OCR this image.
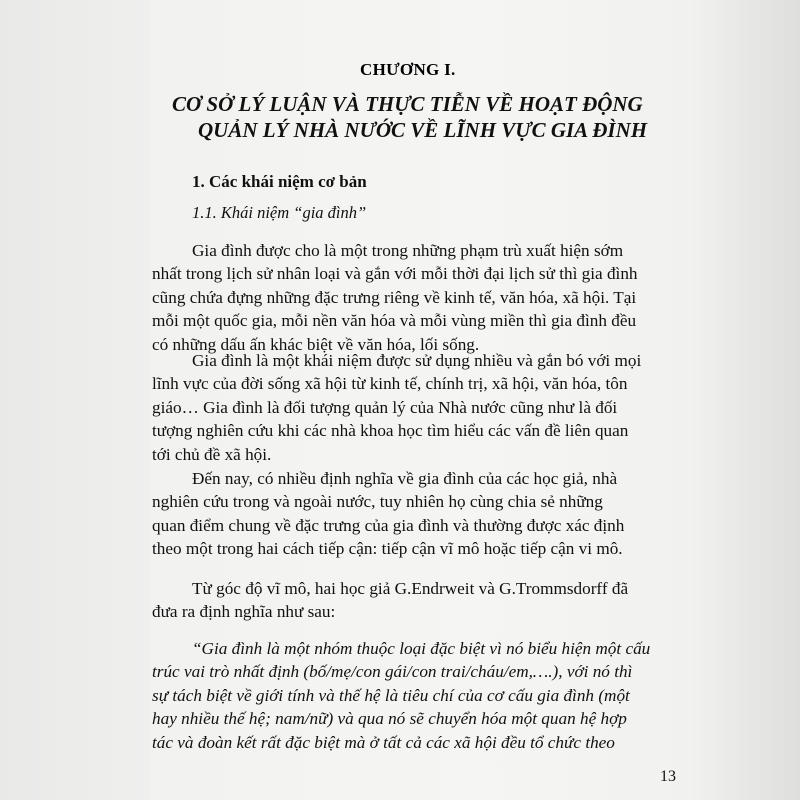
CHƯƠNG I.
CƠ SỞ LÝ LUẬN VÀ THỰC TIỄN VỀ HOẠT ĐỘNG
QUẢN LÝ NHÀ NƯỚC VỀ LĨNH VỰC GIA ĐÌNH
1. Các khái niệm cơ bản
1.1. Khái niệm “gia đình”
Gia đình được cho là một trong những phạm trù xuất hiện sớm
nhất trong lịch sử nhân loại và gắn với mỗi thời đại lịch sử thì gia đình
cũng chứa đựng những đặc trưng riêng về kinh tế, văn hóa, xã hội. Tại
mỗi một quốc gia, mỗi nền văn hóa và mỗi vùng miền thì gia đình đều
có những dấu ấn khác biệt về văn hóa, lối sống.
Gia đình là một khái niệm được sử dụng nhiều và gắn bó với mọi
lĩnh vực của đời sống xã hội từ kinh tế, chính trị, xã hội, văn hóa, tôn
giáo… Gia đình là đối tượng quản lý của Nhà nước cũng như là đối
tượng nghiên cứu khi các nhà khoa học tìm hiểu các vấn đề liên quan
tới chủ đề xã hội.
Đến nay, có nhiều định nghĩa về gia đình của các học giả, nhà
nghiên cứu trong và ngoài nước, tuy nhiên họ cùng chia sẻ những
quan điểm chung về đặc trưng của gia đình và thường được xác định
theo một trong hai cách tiếp cận: tiếp cận vĩ mô hoặc tiếp cận vi mô.
Từ góc độ vĩ mô, hai học giả G.Endrweit và G.Trommsdorff đã
đưa ra định nghĩa như sau:
“Gia đình là một nhóm thuộc loại đặc biệt vì nó biểu hiện một cấu
trúc vai trò nhất định (bố/mẹ/con gái/con trai/cháu/em,….), với nó thì
sự tách biệt về giới tính và thế hệ là tiêu chí của cơ cấu gia đình (một
hay nhiều thế hệ; nam/nữ) và qua nó sẽ chuyển hóa một quan hệ hợp
tác và đoàn kết rất đặc biệt mà ở tất cả các xã hội đều tổ chức theo
13
